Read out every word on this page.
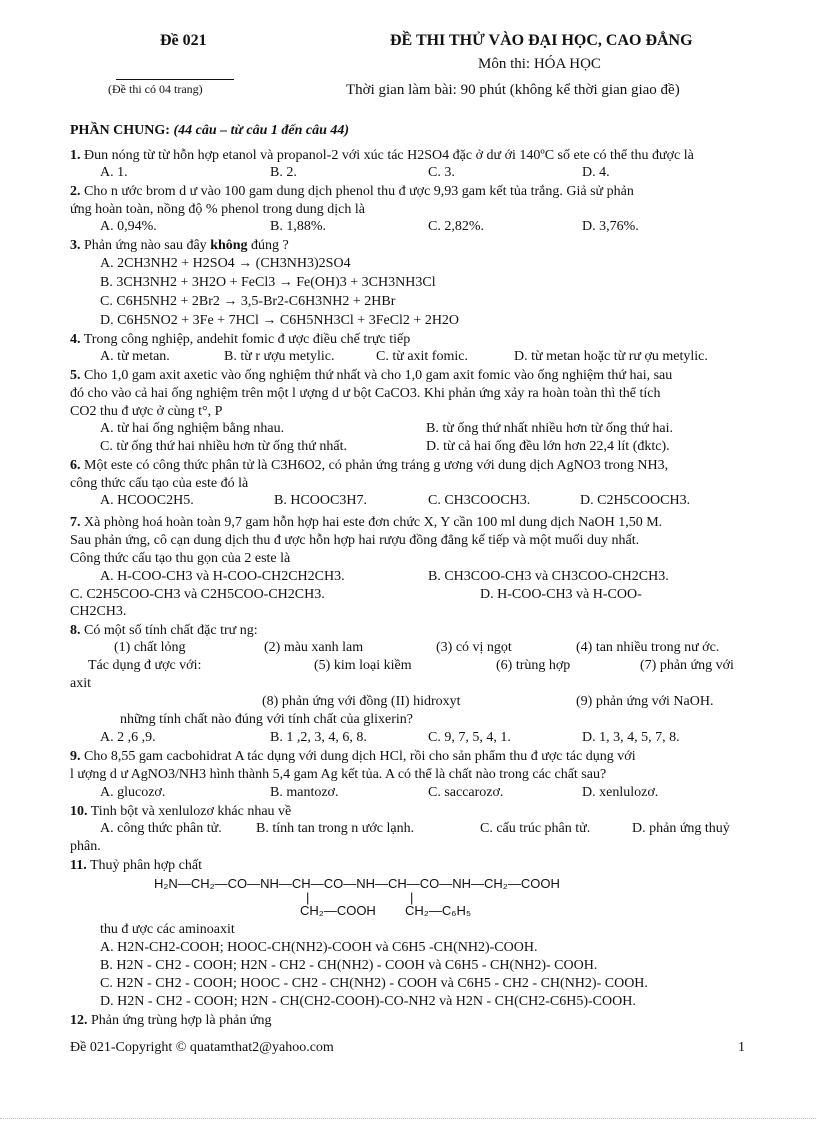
Đề 021	ĐỀ THI THỬ VÀO ĐẠI HỌC, CAO ĐẲNG
Môn thi: HÓA HỌC
(Đề thi có 04 trang)	Thời gian làm bài: 90 phút (không kể thời gian giao đề)
PHẦN CHUNG: (44 câu – từ câu 1 đến câu 44)
1. Đun nóng từ từ hỗn hợp etanol và propanol-2 với xúc tác H2SO4 đặc ở dư ới 140ºC số ete có thể thu được là
A. 1.	B. 2.	C. 3.	D. 4.
2. Cho n ước brom d ư vào 100 gam dung dịch phenol thu đ ược 9,93 gam kết tủa trắng. Giả sử phản
ứng hoàn toàn, nồng độ % phenol trong dung dịch là
A. 0,94%.	B. 1,88%.	C. 2,82%.	D. 3,76%.
3. Phản ứng nào sau đây không đúng ?
A. 2CH3NH2 + H2SO4 → (CH3NH3)2SO4
B. 3CH3NH2 + 3H2O + FeCl3 → Fe(OH)3 + 3CH3NH3Cl
C. C6H5NH2 + 2Br2 → 3,5-Br2-C6H3NH2 + 2HBr
D. C6H5NO2 + 3Fe + 7HCl → C6H5NH3Cl + 3FeCl2 + 2H2O
4. Trong công nghiệp, andehit fomic đ ược điều chế trực tiếp
A. từ metan.	B. từ r ượu metylic.	C. từ axit fomic.	D. từ metan hoặc từ rư ợu metylic.
5. Cho 1,0 gam axit axetic vào ống nghiệm thứ nhất và cho 1,0 gam axit fomic vào ống nghiệm thứ hai, sau
đó cho vào cả hai ống nghiệm trên một l ượng d ư bột CaCO3. Khi phản ứng xảy ra hoàn toàn thì thể tích
CO2 thu đ ược ở cùng t°, P
A. từ hai ống nghiệm bằng nhau.	B. từ ống thứ nhất nhiều hơn từ ống thứ hai.
C. từ ống thứ hai nhiều hơn từ ống thứ nhất.	D. từ cả hai ống đều lớn hơn 22,4 lít (đktc).
6. Một este có công thức phân tử là C3H6O2, có phản ứng tráng g ương với dung dịch AgNO3 trong NH3,
công thức cấu tạo của este đó là
A. HCOOC2H5.	B. HCOOC3H7.	C. CH3COOCH3.	D. C2H5COOCH3.
7. Xà phòng hoá hoàn toàn 9,7 gam hỗn hợp hai este đơn chức X, Y cần 100 ml dung dịch NaOH 1,50 M.
Sau phản ứng, cô cạn dung dịch thu đ ược hỗn hợp hai rượu đồng đẳng kế tiếp và một muối duy nhất.
Công thức cấu tạo thu gọn của 2 este là
A. H-COO-CH3 và H-COO-CH2CH2CH3.	B. CH3COO-CH3 và CH3COO-CH2CH3.
C. C2H5COO-CH3 và C2H5COO-CH2CH3.	D. H-COO-CH3 và H-COO-
CH2CH3.
8. Có một số tính chất đặc trư ng:
(1) chất lỏng	(2) màu xanh lam	(3) có vị ngọt	(4) tan nhiều trong nư ớc.
Tác dụng đ ược với:	(5) kim loại kiềm	(6) trùng hợp	(7) phản ứng với
axit
(8) phản ứng với đồng (II) hidroxyt	(9) phản ứng với NaOH.
những tính chất nào đúng với tính chất của glixerin?
A. 2 ,6 ,9.	B. 1 ,2, 3, 4, 6, 8.	C. 9, 7, 5, 4, 1.	D. 1, 3, 4, 5, 7, 8.
9. Cho 8,55 gam cacbohidrat A tác dụng với dung dịch HCl, rồi cho sản phẩm thu đ ược tác dụng với
l ượng d ư AgNO3/NH3 hình thành 5,4 gam Ag kết tủa. A có thể là chất nào trong các chất sau?
A. glucozơ.	B. mantozơ.	C. saccarozơ.	D. xenlulozơ.
10. Tinh bột và xenlulozơ khác nhau về
A. công thức phân tử. B. tính tan trong n ước lạnh.	C. cấu trúc phân tử.	D. phản ứng thuỷ
phân.
11. Thuỷ phân hợp chất
H₂N—CH₂—CO—NH—CH—CO—NH—CH—CO—NH—CH₂—COOH
|	|
CH₂—COOH CH₂—C₆H₅
thu đ ược các aminoaxit
A. H2N-CH2-COOH; HOOC-CH(NH2)-COOH và C6H5 -CH(NH2)-COOH.
B. H2N - CH2 - COOH; H2N - CH2 - CH(NH2) - COOH và C6H5 - CH(NH2)- COOH.
C. H2N - CH2 - COOH; HOOC - CH2 - CH(NH2) - COOH và C6H5 - CH2 - CH(NH2)- COOH.
D. H2N - CH2 - COOH; H2N - CH(CH2-COOH)-CO-NH2 và H2N - CH(CH2-C6H5)-COOH.
12. Phản ứng trùng hợp là phản ứng
Đề 021-Copyright © quatamthat2@yahoo.com	1
